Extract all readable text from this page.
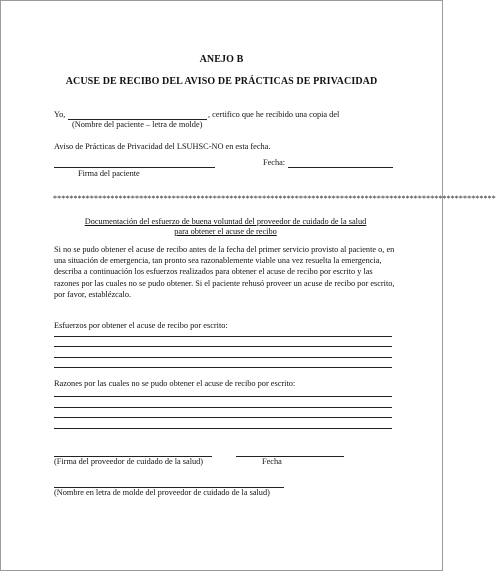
ANEJO B
ACUSE DE RECIBO DEL AVISO DE PRÁCTICAS DE PRIVACIDAD
Yo,	, certifico que he recibido una copia del
(Nombre del paciente – letra de molde)
Aviso de Prácticas de Privacidad del LSUHSC-NO en esta fecha.
Fecha:
Firma del paciente
************************************************************************************************************
Documentación del esfuerzo de buena voluntad del proveedor de cuidado de la salud
para obtener el acuse de recibo
Si no se pudo obtener el acuse de recibo antes de la fecha del primer servicio provisto al paciente o, en una situación de emergencia, tan pronto sea razonablemente viable una vez resuelta la emergencia, describa a continuación los esfuerzos realizados para obtener el acuse de recibo por escrito y las razones por las cuales no se pudo obtener. Si el paciente rehusó proveer un acuse de recibo por escrito, por favor, establézcalo.
Esfuerzos por obtener el acuse de recibo por escrito:
Razones por las cuales no se pudo obtener el acuse de recibo por escrito:
(Firma del proveedor de cuidado de la salud)	Fecha
(Nombre en letra de molde del proveedor de cuidado de la salud)
